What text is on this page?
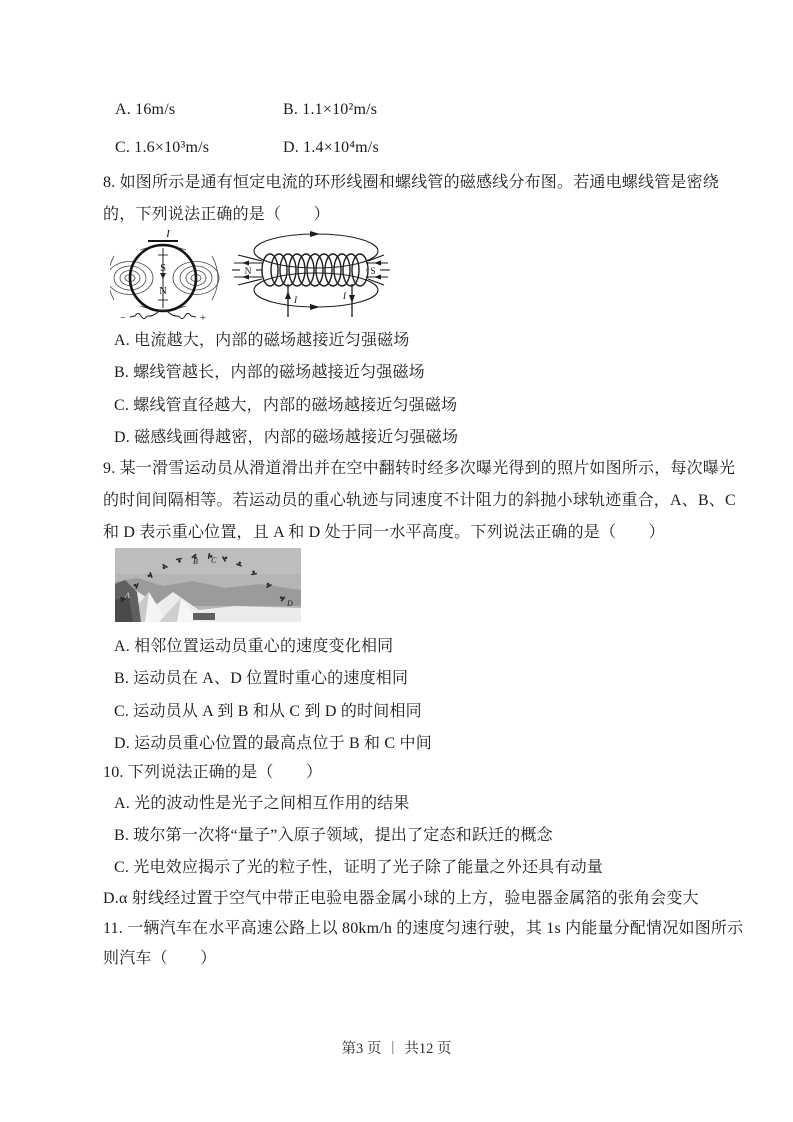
A. 16m/s	B. 1.1×10²m/s
C. 1.6×10³m/s	D. 1.4×10⁴m/s
8. 如图所示是通有恒定电流的环形线圈和螺线管的磁感线分布图。若通电螺线管是密绕
的，下列说法正确的是（　　）
I
S
N
−	+
N	S
I	I
A. 电流越大，内部的磁场越接近匀强磁场
B. 螺线管越长，内部的磁场越接近匀强磁场
C. 螺线管直径越大，内部的磁场越接近匀强磁场
D. 磁感线画得越密，内部的磁场越接近匀强磁场
9. 某一滑雪运动员从滑道滑出并在空中翻转时经多次曝光得到的照片如图所示，每次曝光
的时间间隔相等。若运动员的重心轨迹与同速度不计阻力的斜抛小球轨迹重合，A、B、C
和 D 表示重心位置，且 A 和 D 处于同一水平高度。下列说法正确的是（　　）
A
B C
D
A. 相邻位置运动员重心的速度变化相同
B. 运动员在 A、D 位置时重心的速度相同
C. 运动员从 A 到 B 和从 C 到 D 的时间相同
D. 运动员重心位置的最高点位于 B 和 C 中间
10. 下列说法正确的是（　　）
A. 光的波动性是光子之间相互作用的结果
B. 玻尔第一次将“量子”入原子领域，提出了定态和跃迁的概念
C. 光电效应揭示了光的粒子性，证明了光子除了能量之外还具有动量
D.α 射线经过置于空气中带正电验电器金属小球的上方，验电器金属箔的张角会变大
11. 一辆汽车在水平高速公路上以 80km/h 的速度匀速行驶，其 1s 内能量分配情况如图所示
则汽车（　　）
第3 页 | 共12 页
